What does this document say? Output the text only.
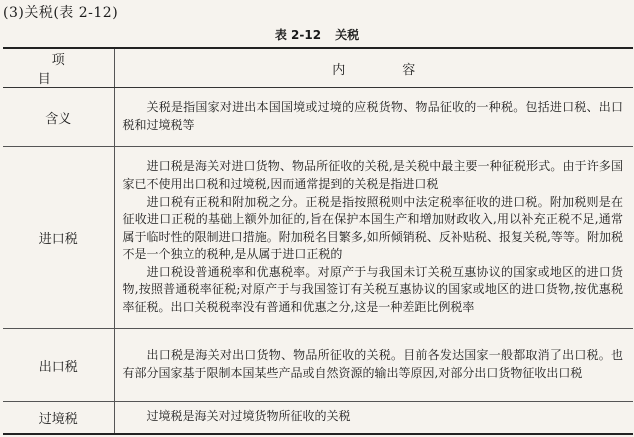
(3)关税(表 2-12)
表 2-12 关税
项　目	内　容
含义	关税是指国家对进出本国国境或过境的应税货物、物品征收的一种税。包括进口税、出口税和过境税等

进口税	进口税是海关对进口货物、物品所征收的关税,是关税中最主要一种征税形式。由于许多国家已不使用出口税和过境税,因而通常提到的关税是指进口税

进口税有正税和附加税之分。正税是指按照税则中法定税率征收的进口税。附加税则是在征收进口正税的基础上额外加征的,旨在保护本国生产和增加财政收入,用以补充正税不足,通常属于临时性的限制进口措施。附加税名目繁多,如所倾销税、反补贴税、报复关税,等等。附加税不是一个独立的税种,是从属于进口正税的

进口税设普通税率和优惠税率。对原产于与我国未订关税互惠协议的国家或地区的进口货物,按照普通税率征税;对原产于与我国签订有关税互惠协议的国家或地区的进口货物,按优惠税率征税。出口关税税率没有普通和优惠之分,这是一种差距比例税率

出口税	出口税是海关对出口货物、物品所征收的关税。目前各发达国家一般都取消了出口税。也有部分国家基于限制本国某些产品或自然资源的输出等原因,对部分出口货物征收出口税

过境税	过境税是海关对过境货物所征收的关税
